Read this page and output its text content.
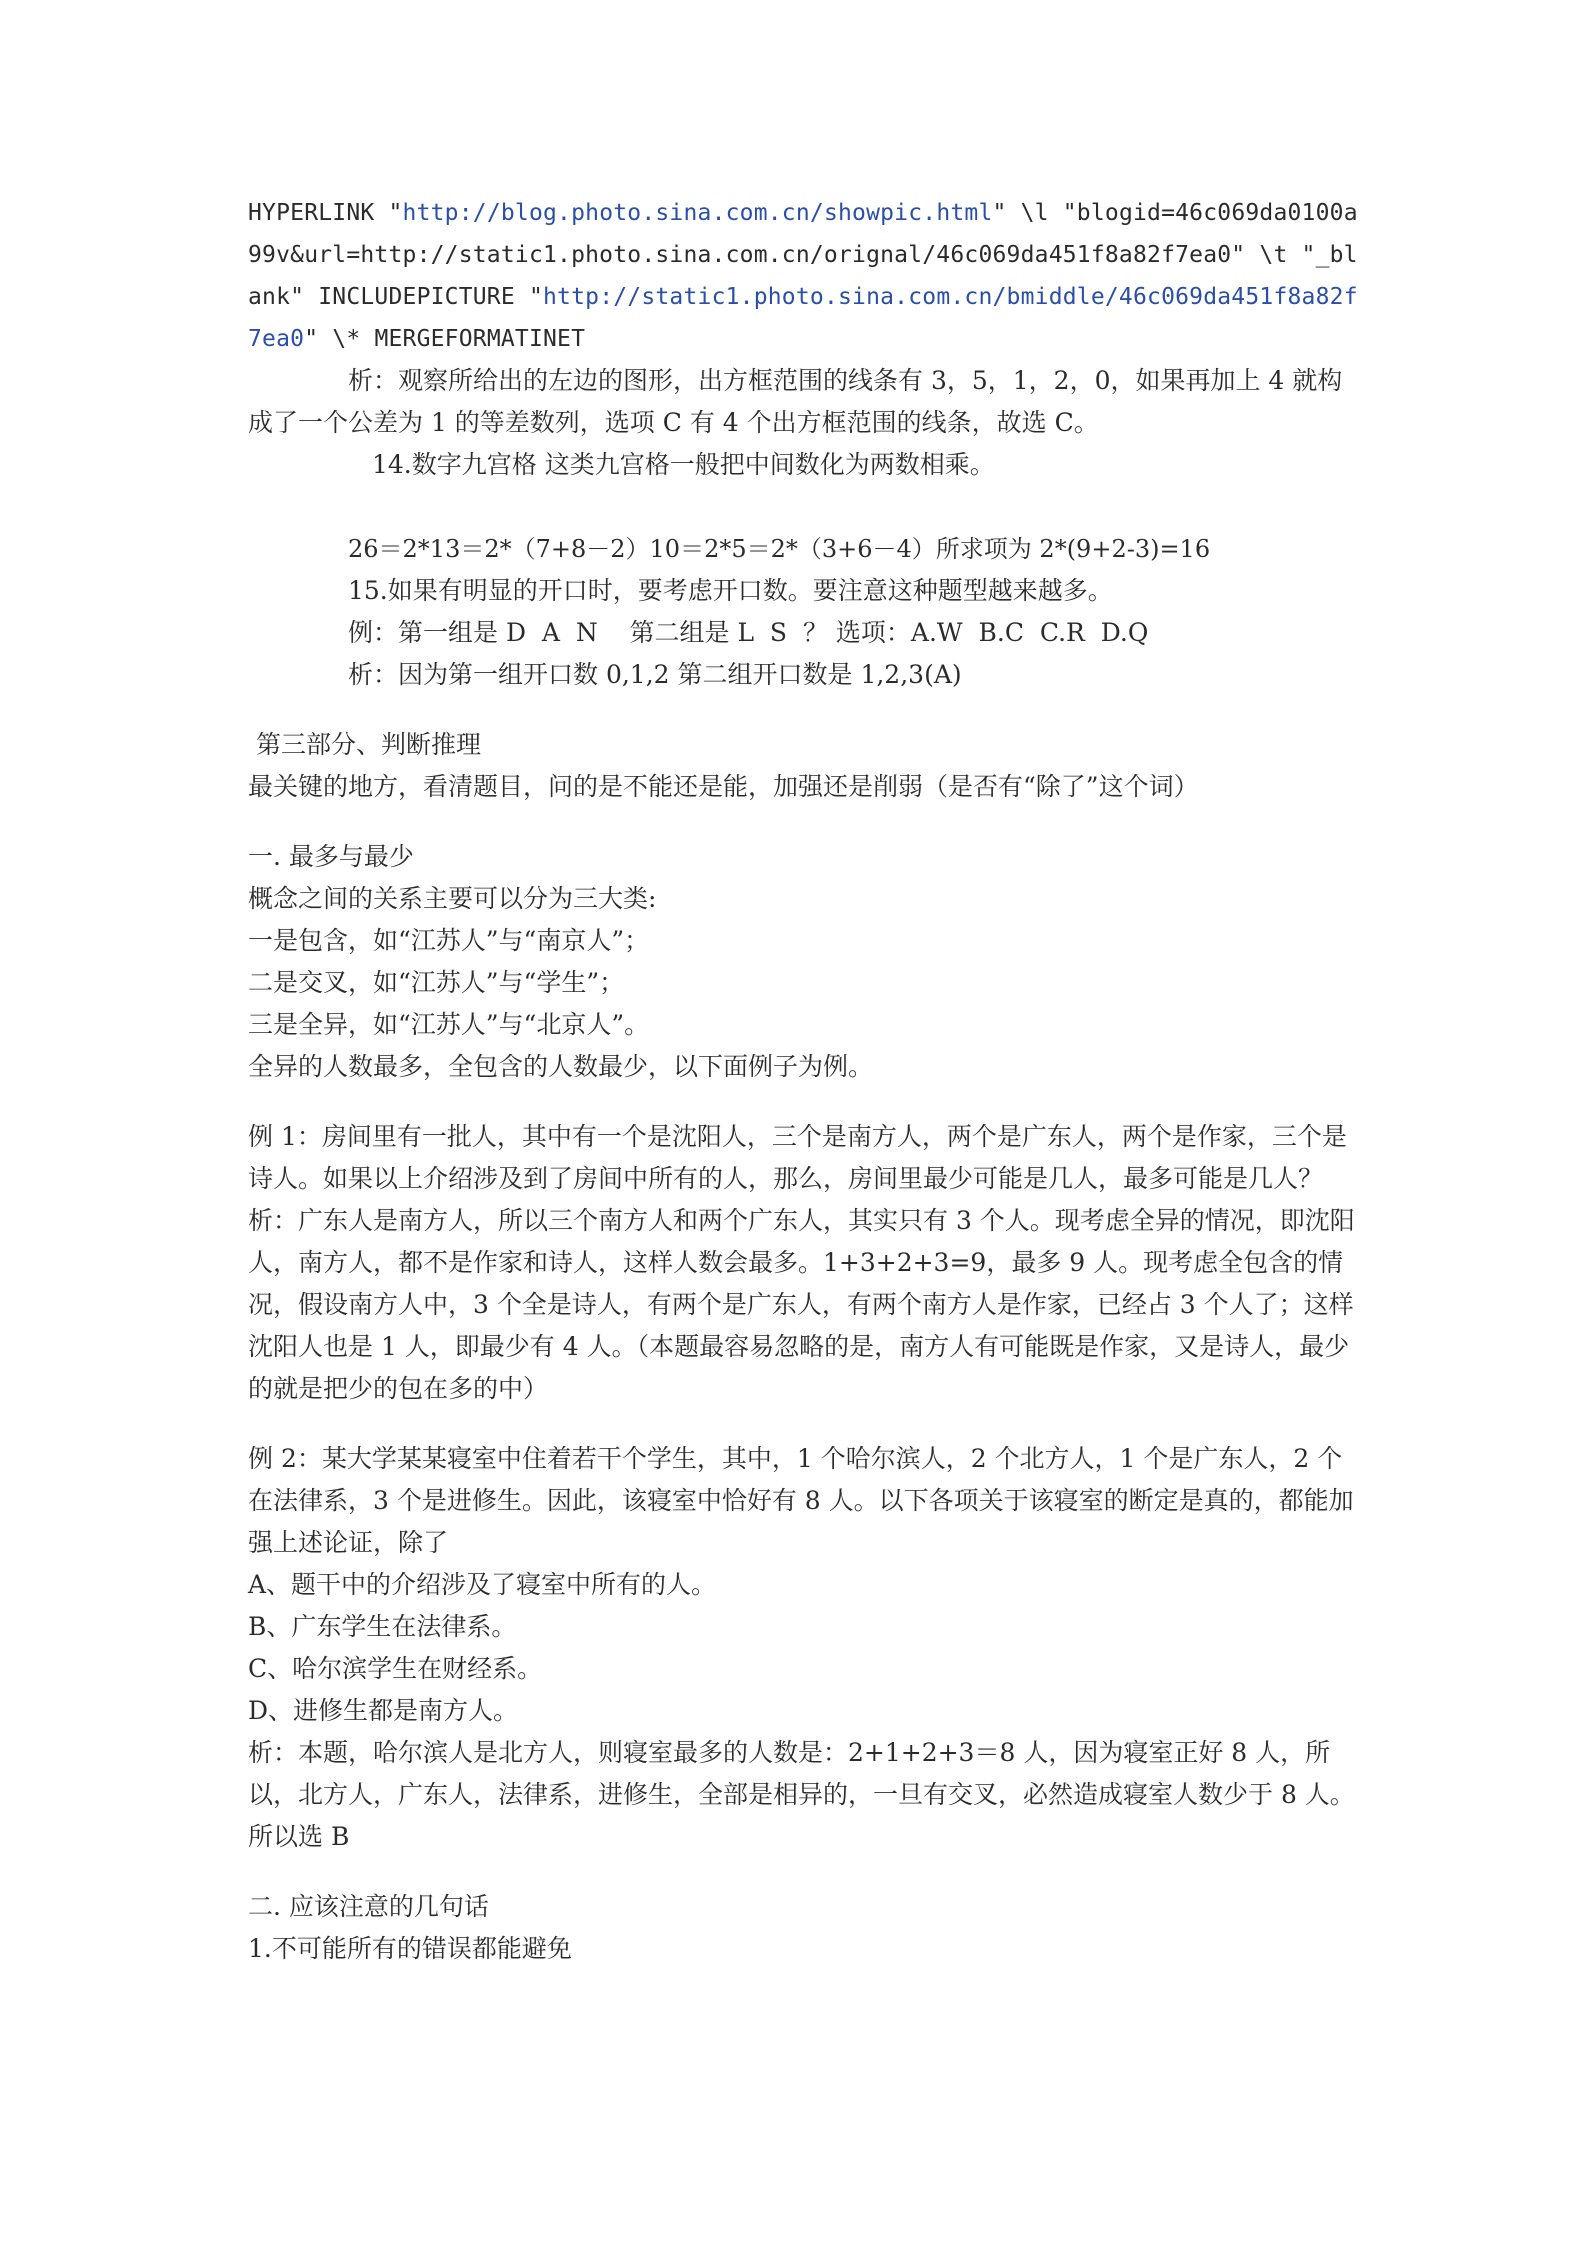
HYPERLINK "http://blog.photo.sina.com.cn/showpic.html" \l "blogid=46c069da0100a99v&url=http://static1.photo.sina.com.cn/orignal/46c069da451f8a82f7ea0" \t "_blank" INCLUDEPICTURE "http://static1.photo.sina.com.cn/bmiddle/46c069da451f8a82f7ea0" \* MERGEFORMATINET

析：观察所给出的左边的图形，出方框范围的线条有 3，5，1，2，0，如果再加上 4 就构成了一个公差为 1 的等差数列，选项 C 有 4 个出方框范围的线条，故选 C。

14.数字九宫格 这类九宫格一般把中间数化为两数相乘。

26＝2*13＝2*（7+8－2）10＝2*5＝2*（3+6－4）所求项为 2*(9+2-3)=16

15.如果有明显的开口时，要考虑开口数。要注意这种题型越来越多。

例：第一组是 D  A  N    第二组是 L  S  ？ 选项：A.W  B.C  C.R  D.Q

析：因为第一组开口数 0,1,2 第二组开口数是 1,2,3(A)

第三部分、判断推理

最关键的地方，看清题目，问的是不能还是能，加强还是削弱（是否有“除了”这个词）

一. 最多与最少

概念之间的关系主要可以分为三大类:

一是包含，如“江苏人”与“南京人”；

二是交叉，如“江苏人”与“学生”；

三是全异，如“江苏人”与“北京人”。

全异的人数最多，全包含的人数最少，以下面例子为例。

例 1：房间里有一批人，其中有一个是沈阳人，三个是南方人，两个是广东人，两个是作家，三个是诗人。如果以上介绍涉及到了房间中所有的人，那么，房间里最少可能是几人，最多可能是几人？

析：广东人是南方人，所以三个南方人和两个广东人，其实只有 3 个人。现考虑全异的情况，即沈阳人，南方人，都不是作家和诗人，这样人数会最多。1+3+2+3=9，最多 9 人。现考虑全包含的情况，假设南方人中，3 个全是诗人，有两个是广东人，有两个南方人是作家，已经占 3 个人了；这样沈阳人也是 1 人，即最少有 4 人。（本题最容易忽略的是，南方人有可能既是作家，又是诗人，最少的就是把少的包在多的中）

例 2：某大学某某寝室中住着若干个学生，其中，1 个哈尔滨人，2 个北方人，1 个是广东人，2 个在法律系，3 个是进修生。因此，该寝室中恰好有 8 人。以下各项关于该寝室的断定是真的，都能加强上述论证，除了

A、题干中的介绍涉及了寝室中所有的人。

B、广东学生在法律系。

C、哈尔滨学生在财经系。

D、进修生都是南方人。

析：本题，哈尔滨人是北方人，则寝室最多的人数是：2+1+2+3＝8 人，因为寝室正好 8 人，所以，北方人，广东人，法律系，进修生，全部是相异的，一旦有交叉，必然造成寝室人数少于 8 人。所以选 B

二. 应该注意的几句话

1.不可能所有的错误都能避免
